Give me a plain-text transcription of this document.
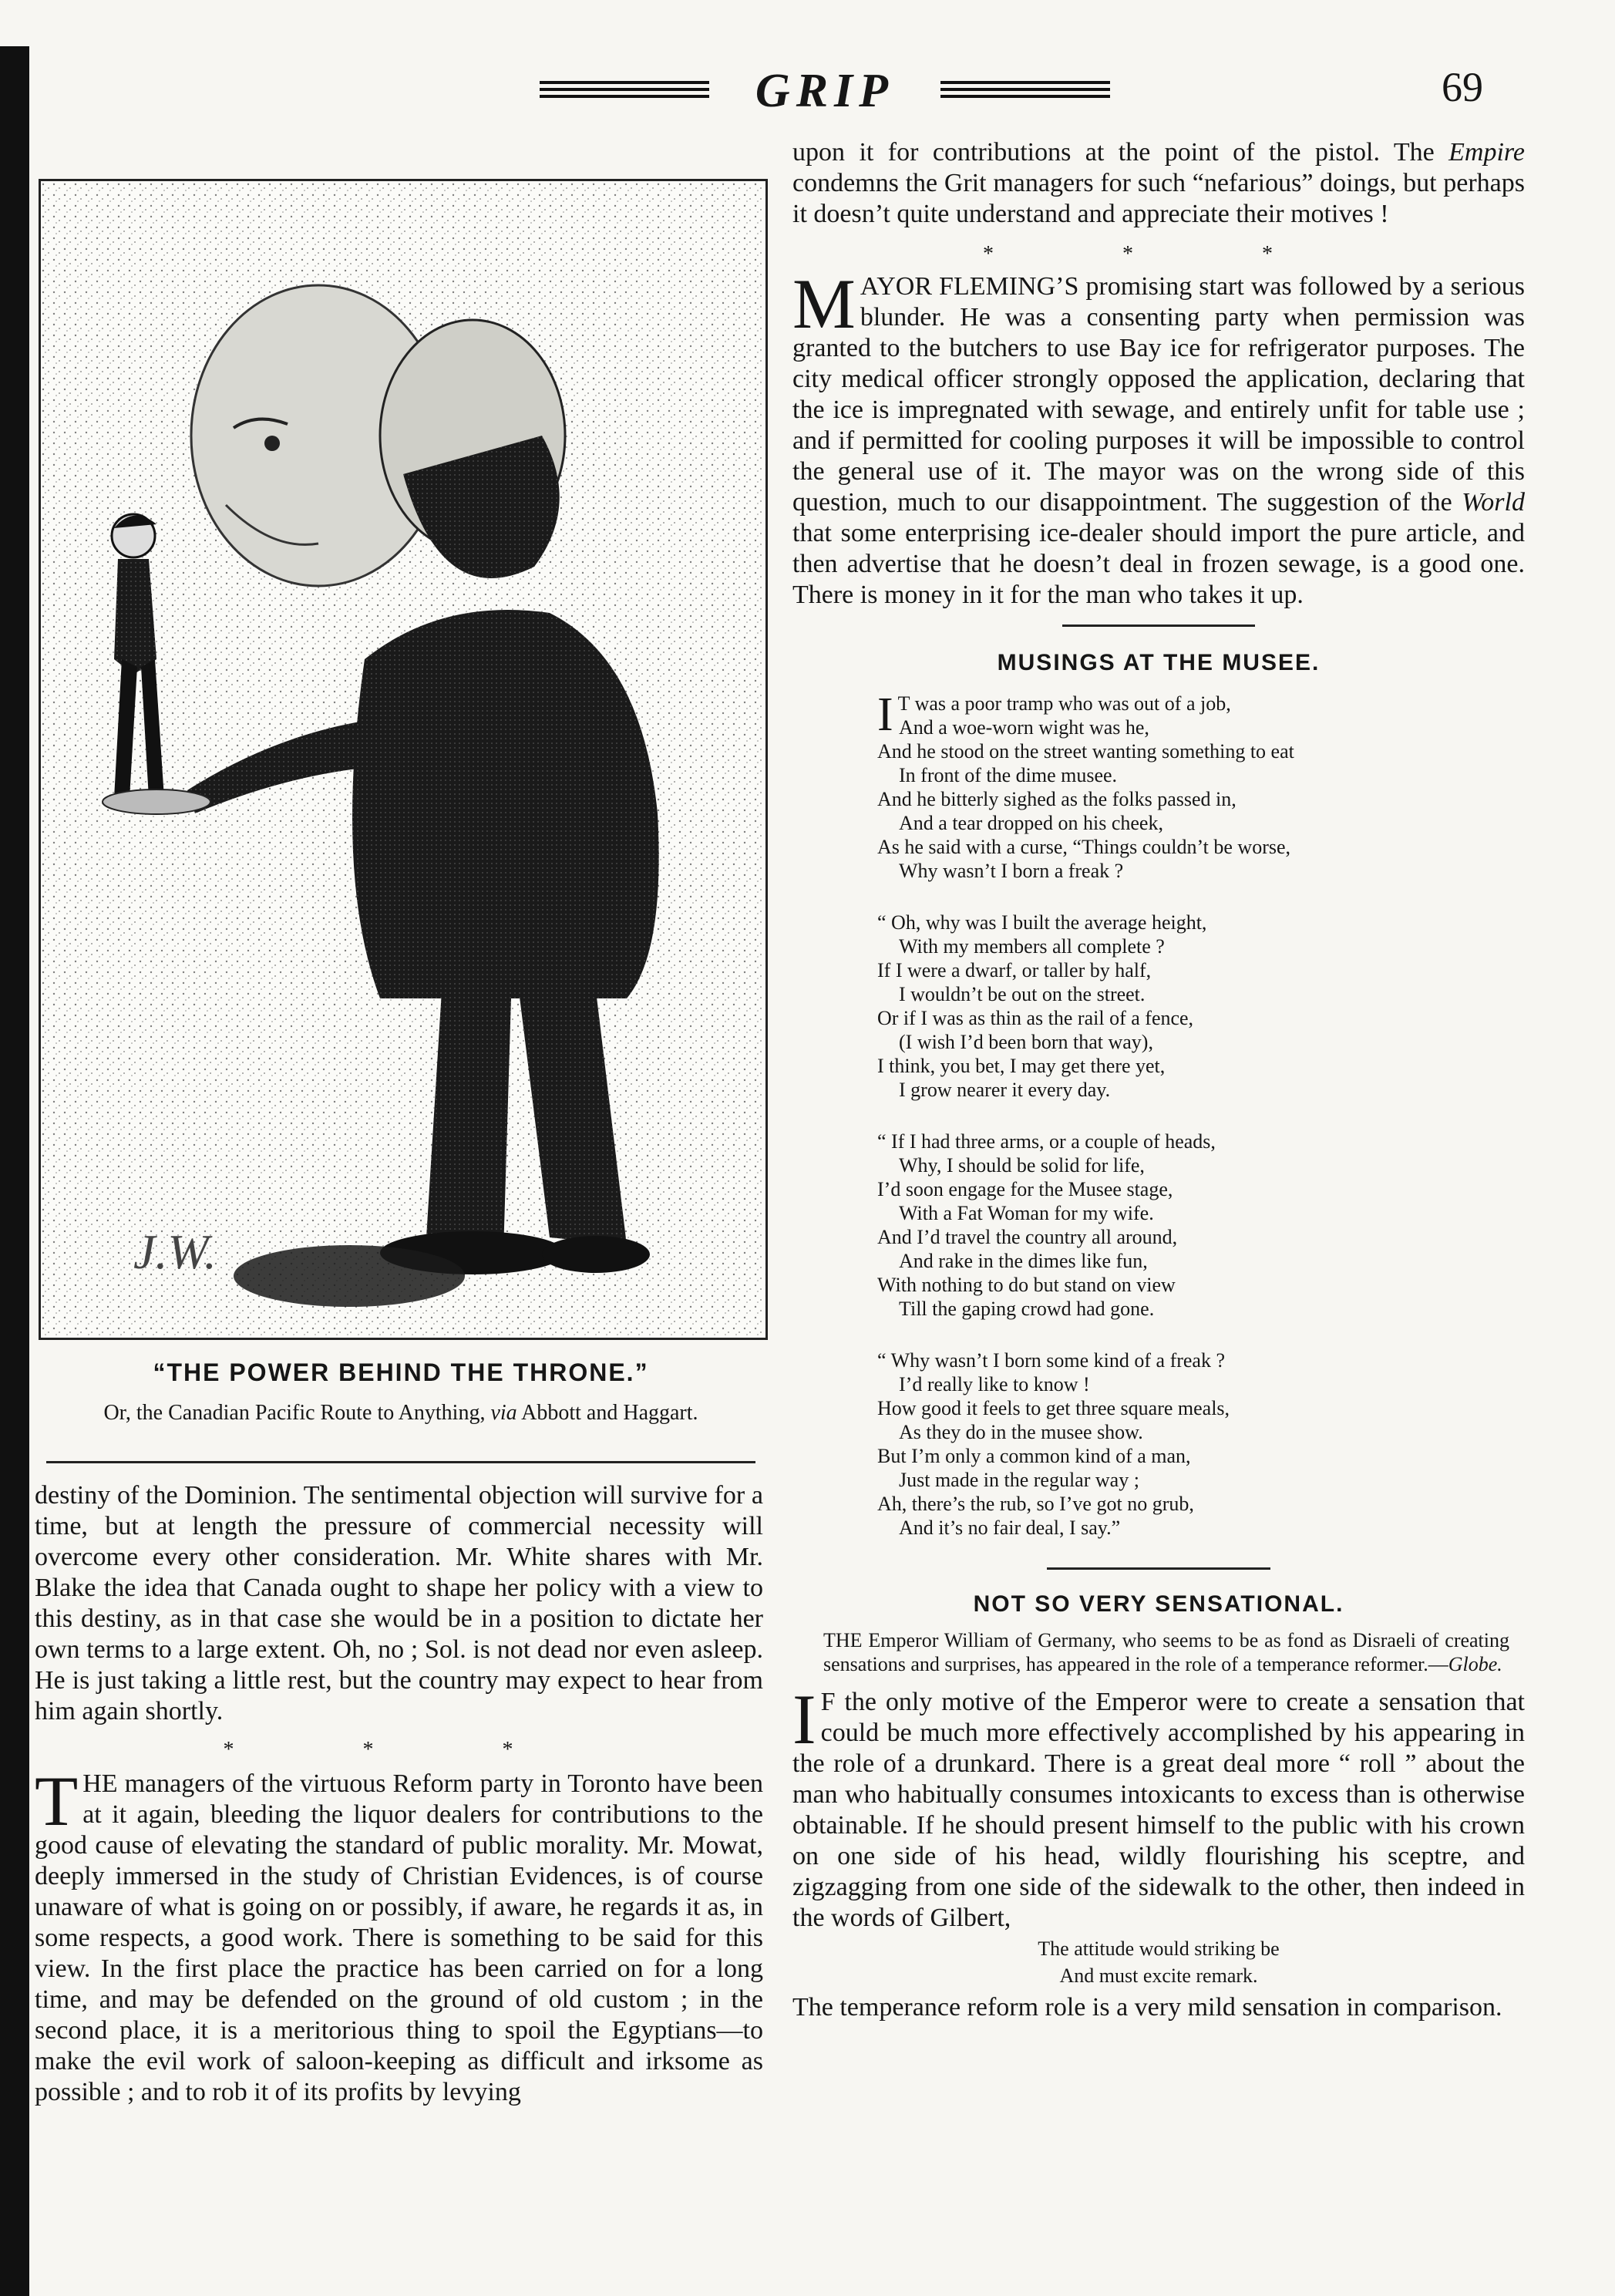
GRIP	69
J.W.
“THE POWER BEHIND THE THRONE.”
Or, the Canadian Pacific Route to Anything, via Abbott and Haggart.

destiny of the Dominion. The sentimental objection will survive for a time, but at length the pressure of commercial necessity will overcome every other consideration. Mr. White shares with Mr. Blake the idea that Canada ought to shape her policy with a view to this destiny, as in that case she would be in a position to dictate her own terms to a large extent. Oh, no ; Sol. is not dead nor even asleep. He is just taking a little rest, but the country may expect to hear from him again shortly.

* * *

THE managers of the virtuous Reform party in Toronto have been at it again, bleeding the liquor dealers for contributions to the good cause of elevating the standard of public morality. Mr. Mowat, deeply immersed in the study of Christian Evidences, is of course unaware of what is going on or possibly, if aware, he regards it as, in some respects, a good work. There is something to be said for this view. In the first place the practice has been carried on for a long time, and may be defended on the ground of old custom ; in the second place, it is a meritorious thing to spoil the Egyptians—to make the evil work of saloon-keeping as difficult and irksome as possible ; and to rob it of its profits by levying

upon it for contributions at the point of the pistol. The Empire condemns the Grit managers for such “nefarious” doings, but perhaps it doesn’t quite understand and appreciate their motives !

* * *

MAYOR FLEMING’S promising start was followed by a serious blunder. He was a consenting party when permission was granted to the butchers to use Bay ice for refrigerator purposes. The city medical officer strongly opposed the application, declaring that the ice is impregnated with sewage, and entirely unfit for table use ; and if permitted for cooling purposes it will be impossible to control the general use of it. The mayor was on the wrong side of this question, much to our disappointment. The suggestion of the World that some enterprising ice-dealer should import the pure article, and then advertise that he doesn’t deal in frozen sewage, is a good one. There is money in it for the man who takes it up.

MUSINGS AT THE MUSEE.

I T was a poor tramp who was out of a job,
And a woe-worn wight was he,
And he stood on the street wanting something to eat
In front of the dime musee.
And he bitterly sighed as the folks passed in,
And a tear dropped on his cheek,
As he said with a curse, “Things couldn’t be worse,
Why wasn’t I born a freak ?
“ Oh, why was I built the average height,
With my members all complete ?
If I were a dwarf, or taller by half,
I wouldn’t be out on the street.
Or if I was as thin as the rail of a fence,
(I wish I’d been born that way),
I think, you bet, I may get there yet,
I grow nearer it every day.
“ If I had three arms, or a couple of heads,
Why, I should be solid for life,
I’d soon engage for the Musee stage,
With a Fat Woman for my wife.
And I’d travel the country all around,
And rake in the dimes like fun,
With nothing to do but stand on view
Till the gaping crowd had gone.
“ Why wasn’t I born some kind of a freak ?
I’d really like to know !
How good it feels to get three square meals,
As they do in the musee show.
But I’m only a common kind of a man,
Just made in the regular way ;
Ah, there’s the rub, so I’ve got no grub,
And it’s no fair deal, I say.”

NOT SO VERY SENSATIONAL.

THE Emperor William of Germany, who seems to be as fond as Disraeli of creating sensations and surprises, has appeared in the role of a temperance reformer.—Globe.

I F the only motive of the Emperor were to create a sensation that could be much more effectively accomplished by his appearing in the role of a drunkard. There is a great deal more “ roll ” about the man who habitually consumes intoxicants to excess than is otherwise obtainable. If he should present himself to the public with his crown on one side of his head, wildly flourishing his sceptre, and zigzagging from one side of the sidewalk to the other, then indeed in the words of Gilbert,

The attitude would striking be

And must excite remark.

The temperance reform role is a very mild sensation in comparison.
